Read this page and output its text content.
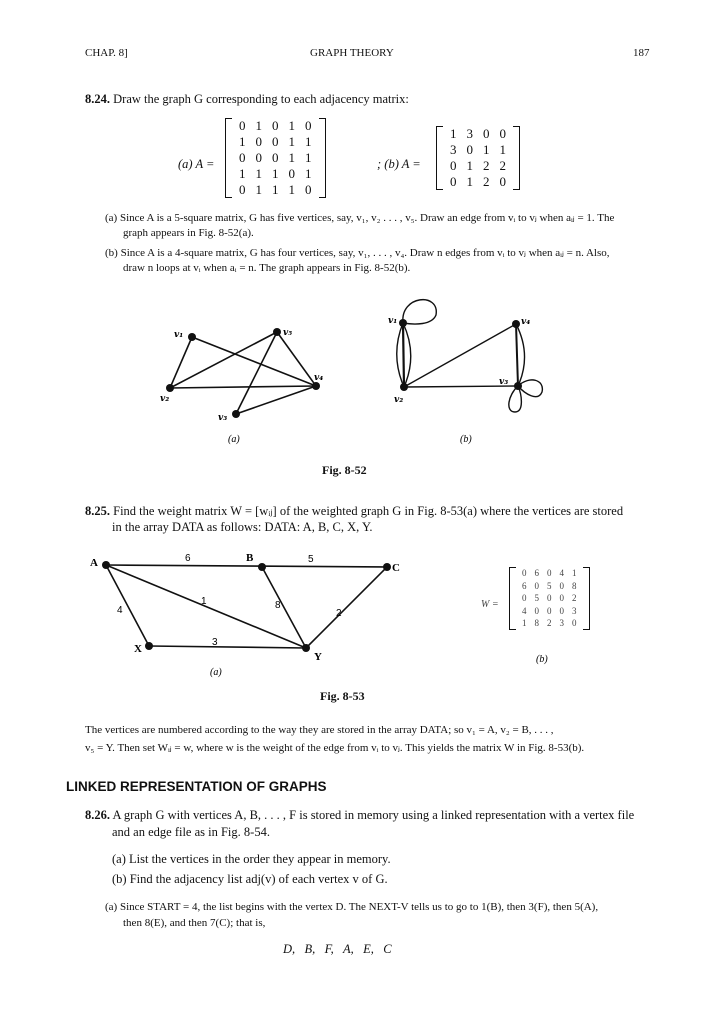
CHAP. 8]	GRAPH THEORY	187
8.24. Draw the graph G corresponding to each adjacency matrix:
(a) A =
0	1	0	1	0
1	0	0	1	1
0	0	0	1	1
1	1	1	0	1
0	1	1	1	0
; (b) A =
1	3	0	0
3	0	1	1
0	1	2	2
0	1	2	0
(a) Since A is a 5-square matrix, G has five vertices, say, v₁, v₂ . . . , v₅. Draw an edge from vᵢ to vⱼ when aᵢⱼ = 1. The
graph appears in Fig. 8-52(a).
(b) Since A is a 4-square matrix, G has four vertices, say, v₁, . . . , v₄. Draw n edges from vᵢ to vⱼ when aᵢⱼ = n. Also,
draw n loops at vᵢ when aᵢ = n. The graph appears in Fig. 8-52(b).
v₁	v₅
v₂
v₄
v₃
v₁	v₄
v₂
v₃
(a)	(b)
A	B
C
X
Y
6	5
4
1	8
2
3
(a)
(b)
Fig. 8-52
8.25. Find the weight matrix W = [wᵢⱼ] of the weighted graph G in Fig. 8-53(a) where the vertices are stored
in the array DATA as follows: DATA: A, B, C, X, Y.
W =
0	6	0	4	1
6	0	5	0	8
0	5	0	0	2
4	0	0	0	3
1	8	2	3	0
Fig. 8-53
The vertices are numbered according to the way they are stored in the array DATA; so v₁ = A, v₂ = B, . . . ,
v₅ = Y. Then set Wᵢⱼ = w, where w is the weight of the edge from vᵢ to vⱼ. This yields the matrix W in Fig. 8-53(b).
LINKED REPRESENTATION OF GRAPHS
8.26. A graph G with vertices A, B, . . . , F is stored in memory using a linked representation with a vertex file
and an edge file as in Fig. 8-54.
(a) List the vertices in the order they appear in memory.
(b) Find the adjacency list adj(v) of each vertex v of G.
(a) Since START = 4, the list begins with the vertex D. The NEXT-V tells us to go to 1(B), then 3(F), then 5(A),
then 8(E), and then 7(C); that is,
D,   B,   F,   A,   E,   C
